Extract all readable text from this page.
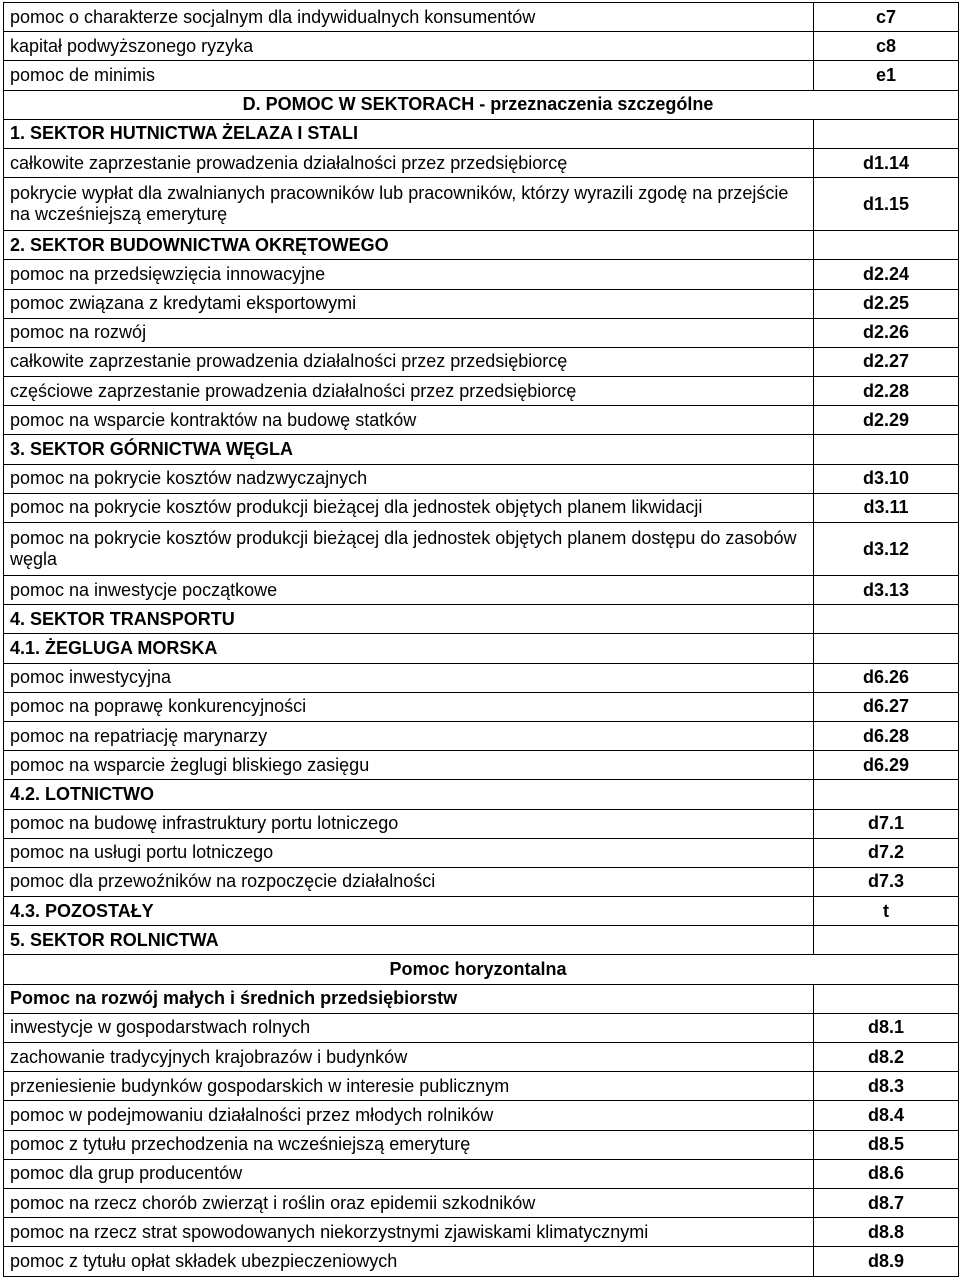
pomoc o charakterze socjalnym dla indywidualnych konsumentów	c7
kapitał podwyższonego ryzyka	c8
pomoc de minimis	e1
D. POMOC W SEKTORACH - przeznaczenia szczególne	
1. SEKTOR HUTNICTWA ŻELAZA I STALI	
całkowite zaprzestanie prowadzenia działalności przez przedsiębiorcę	d1.14
pokrycie wypłat dla zwalnianych pracowników lub pracowników, którzy wyrazili zgodę na przejście na wcześniejszą emeryturę	d1.15
2. SEKTOR BUDOWNICTWA OKRĘTOWEGO	
pomoc na przedsięwzięcia innowacyjne	d2.24
pomoc związana z kredytami eksportowymi	d2.25
pomoc na rozwój	d2.26
całkowite zaprzestanie prowadzenia działalności przez przedsiębiorcę	d2.27
częściowe zaprzestanie prowadzenia działalności przez przedsiębiorcę	d2.28
pomoc na wsparcie kontraktów na budowę statków	d2.29
3. SEKTOR GÓRNICTWA WĘGLA	
pomoc na pokrycie kosztów nadzwyczajnych	d3.10
pomoc na pokrycie kosztów produkcji bieżącej dla jednostek objętych planem likwidacji	d3.11
pomoc na pokrycie kosztów produkcji bieżącej dla jednostek objętych planem dostępu do zasobów węgla	d3.12
pomoc na inwestycje początkowe	d3.13
4. SEKTOR TRANSPORTU	
4.1. ŻEGLUGA MORSKA	
pomoc inwestycyjna	d6.26
pomoc na poprawę konkurencyjności	d6.27
pomoc na repatriację marynarzy	d6.28
pomoc na wsparcie żeglugi bliskiego zasięgu	d6.29
4.2. LOTNICTWO	
pomoc na budowę infrastruktury portu lotniczego	d7.1
pomoc na usługi portu lotniczego	d7.2
pomoc dla przewoźników na rozpoczęcie działalności	d7.3
4.3. POZOSTAŁY	t
5. SEKTOR ROLNICTWA	
Pomoc horyzontalna	
Pomoc na rozwój małych i średnich przedsiębiorstw	
inwestycje w gospodarstwach rolnych	d8.1
zachowanie tradycyjnych krajobrazów i budynków	d8.2
przeniesienie budynków gospodarskich w interesie publicznym	d8.3
pomoc w podejmowaniu działalności przez młodych rolników	d8.4
pomoc z tytułu przechodzenia na wcześniejszą emeryturę	d8.5
pomoc dla grup producentów	d8.6
pomoc na rzecz chorób zwierząt i roślin oraz epidemii szkodników	d8.7
pomoc na rzecz strat spowodowanych niekorzystnymi zjawiskami klimatycznymi	d8.8
pomoc z tytułu opłat składek ubezpieczeniowych	d8.9
